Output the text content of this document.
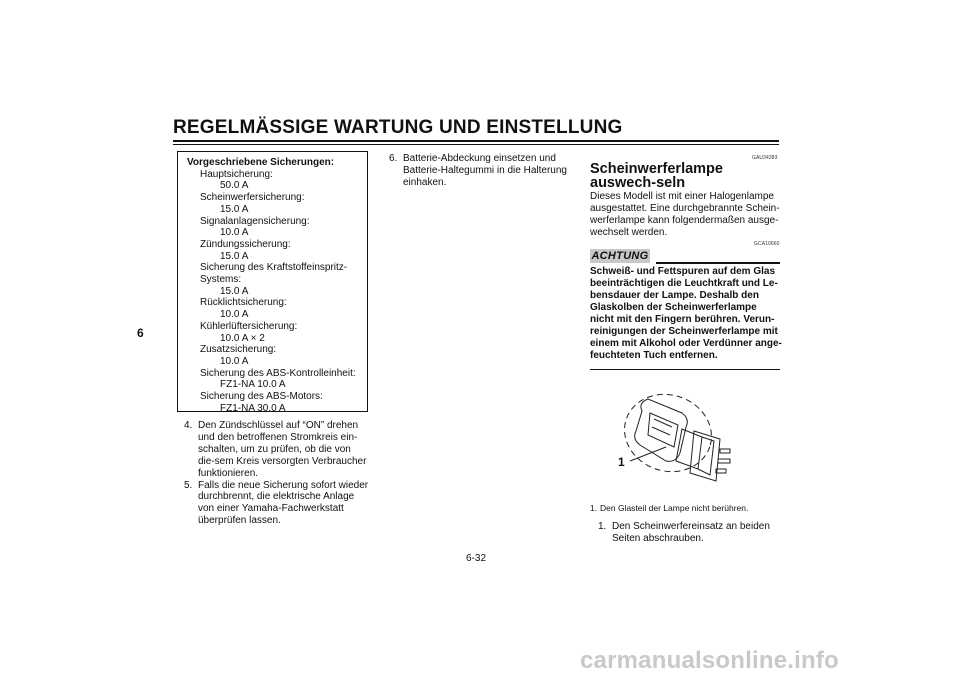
REGELMÄSSIGE WARTUNG UND EINSTELLUNG
6
Vorgeschriebene Sicherungen:
Hauptsicherung:
50.0 A
Scheinwerfersicherung:
15.0 A
Signalanlagensicherung:
10.0 A
Zündungssicherung:
15.0 A
Sicherung des Kraftstoffeinspritz-
Systems:
15.0 A
Rücklichtsicherung:
10.0 A
Kühlerlüftersicherung:
10.0 A × 2
Zusatzsicherung:
10.0 A
Sicherung des ABS-Kontrolleinheit:
FZ1-NA 10.0 A
Sicherung des ABS-Motors:
FZ1-NA 30.0 A
4. Den Zündschlüssel auf “ON” drehen und den betroffenen Stromkreis ein-schalten, um zu prüfen, ob die von die-sem Kreis versorgten Verbraucher funktionieren.
5. Falls die neue Sicherung sofort wieder durchbrennt, die elektrische Anlage von einer Yamaha-Fachwerkstatt überprüfen lassen.
6. Batterie-Abdeckung einsetzen und Batterie-Haltegummi in die Halterung einhaken.
GAU34383
Scheinwerferlampe auswech-seln

Dieses Modell ist mit einer Halogenlampe ausgestattet. Eine durchgebrannte Schein-werferlampe kann folgendermaßen ausge-wechselt werden.

GCA10660
ACHTUNG

Schweiß- und Fettspuren auf dem Glas beeinträchtigen die Leuchtkraft und Le-bensdauer der Lampe. Deshalb den Glaskolben der Scheinwerferlampe nicht mit den Fingern berühren. Verun-reinigungen der Scheinwerferlampe mit einem mit Alkohol oder Verdünner ange-feuchteten Tuch entfernen.

1
1. Den Glasteil der Lampe nicht berühren.
1. Den Scheinwerfereinsatz an beiden Seiten abschrauben.
6-32
carmanualsonline.info
